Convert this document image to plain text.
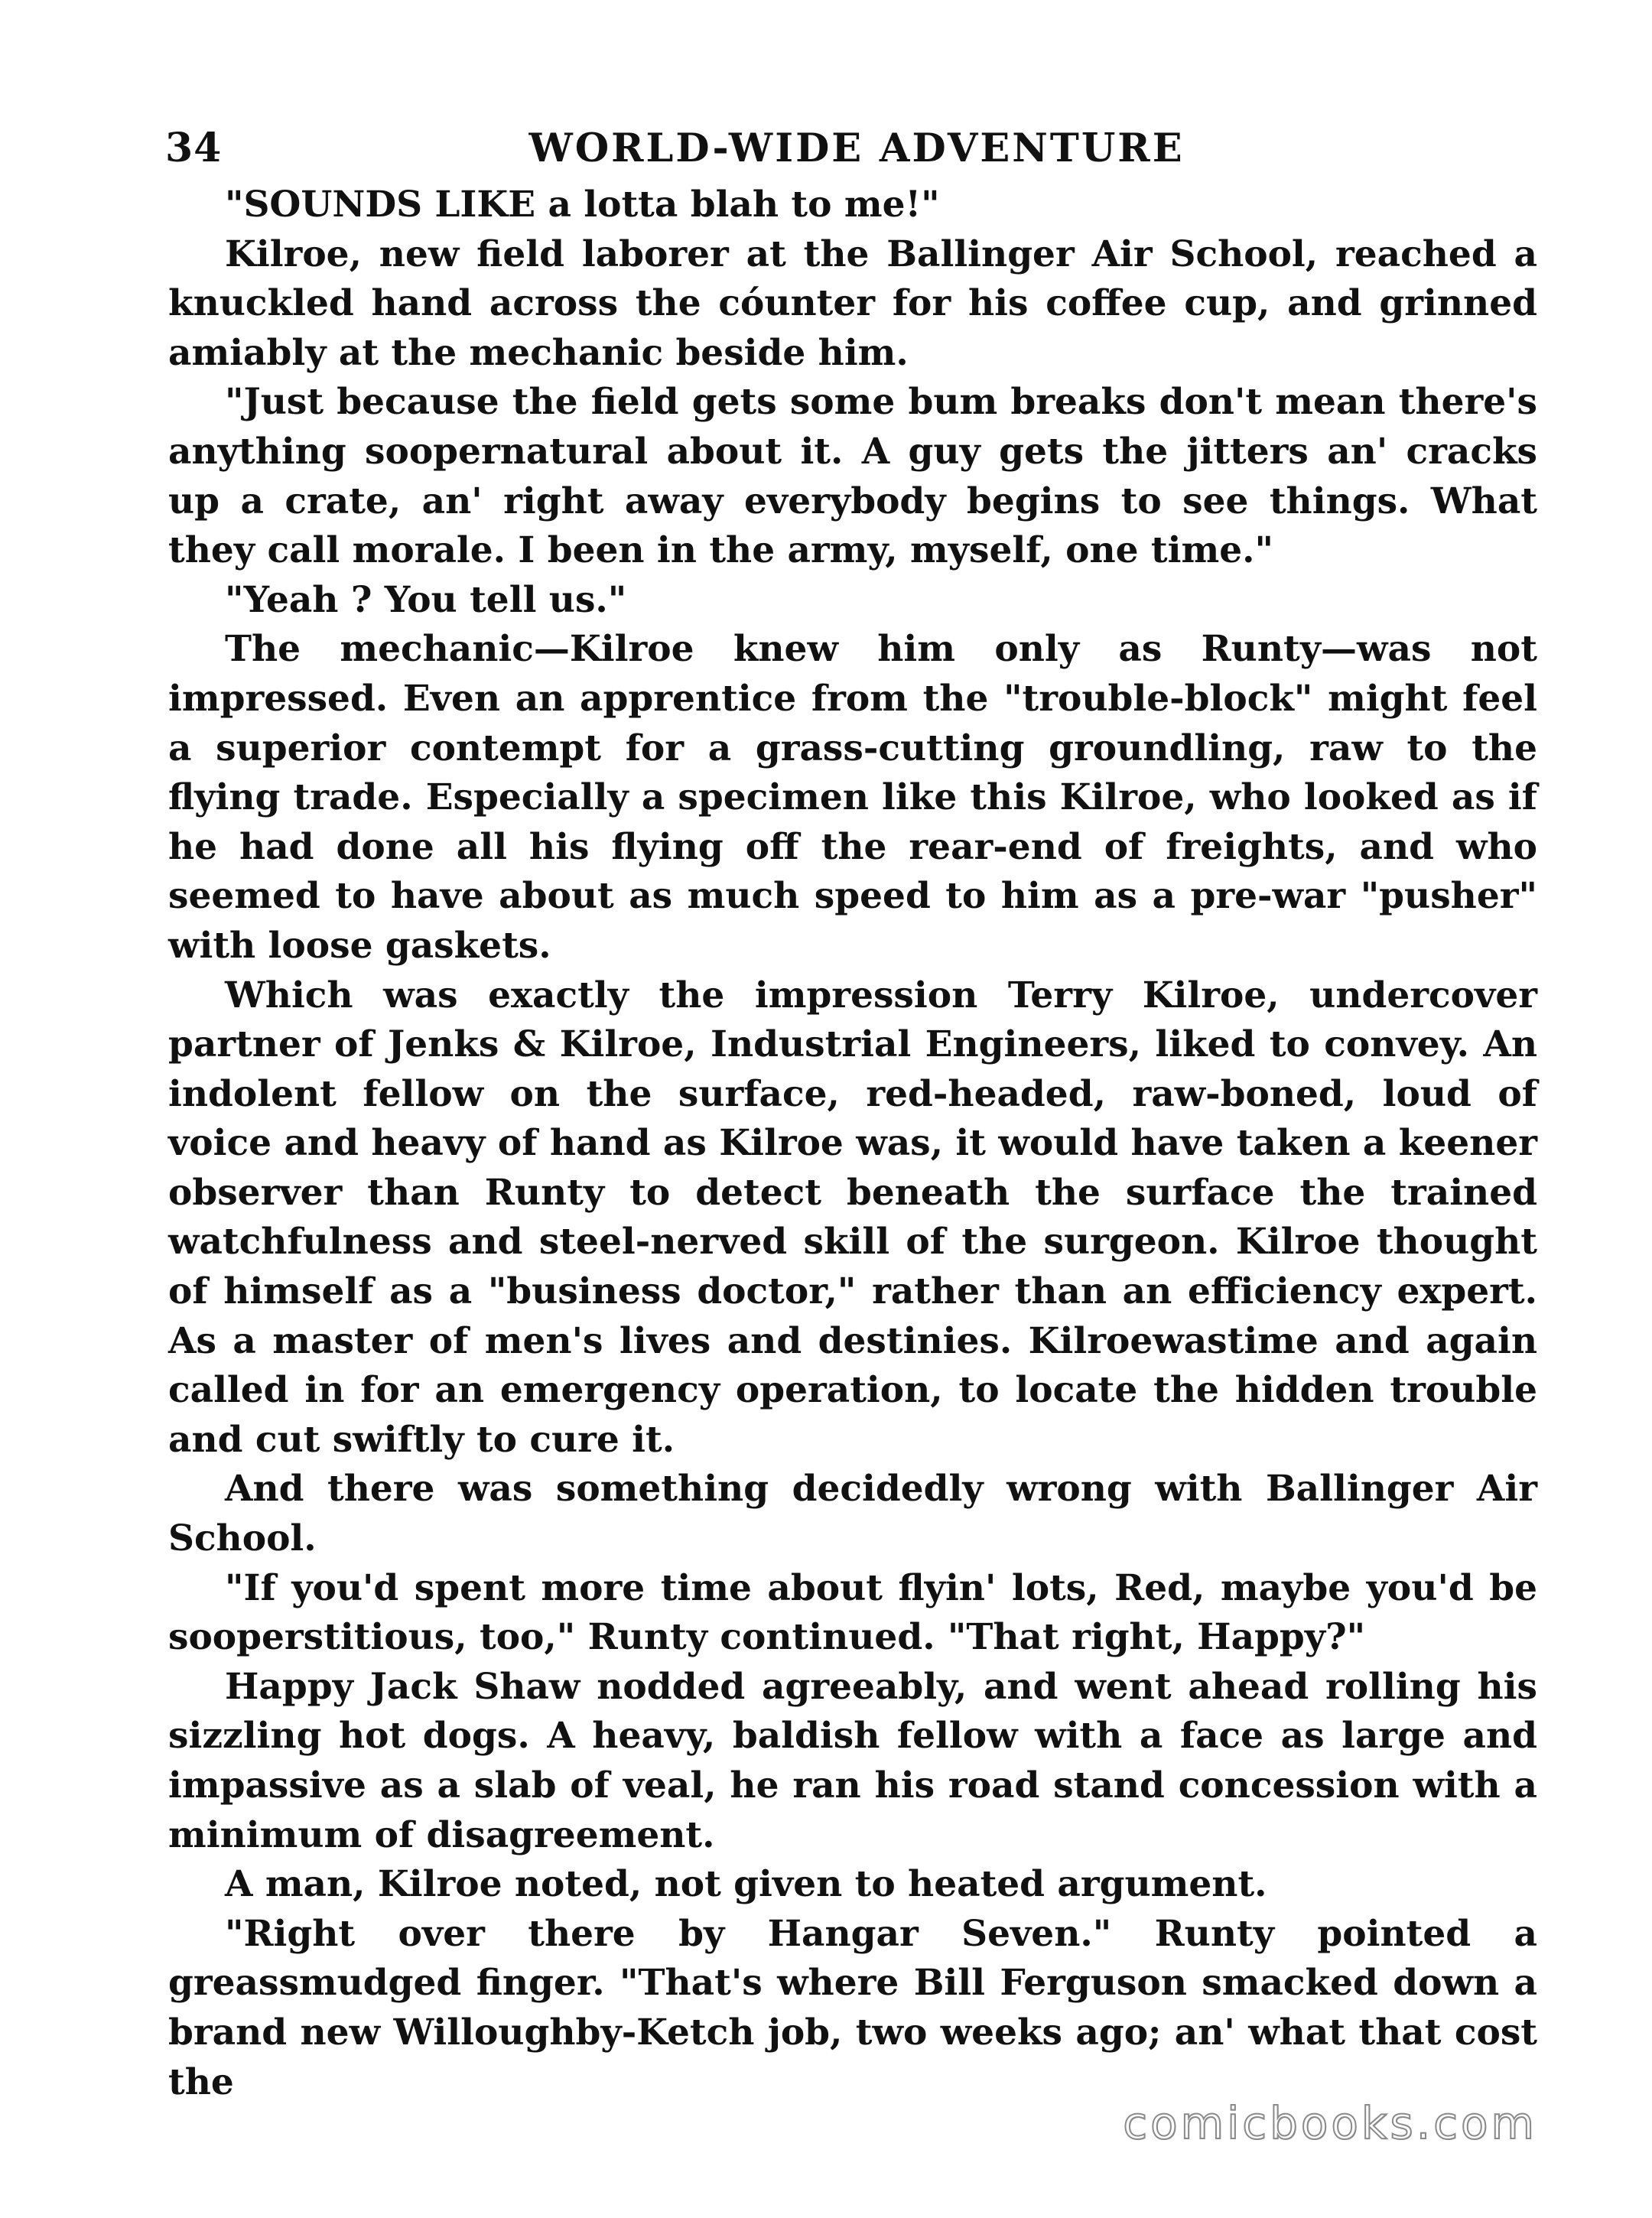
34	WORLD-WIDE ADVENTURE

"SOUNDS LIKE a lotta blah to me!"

Kilroe, new field laborer at the Ballinger Air School, reached a knuckled hand across the cóunter for his coffee cup, and grinned amiably at the mechanic beside him.

"Just because the field gets some bum breaks don't mean there's anything soopernatural about it. A guy gets the jitters an' cracks up a crate, an' right away everybody begins to see things. What they call morale. I been in the army, myself, one time."

"Yeah ? You tell us."

The mechanic—Kilroe knew him only as Runty—was not impressed. Even an apprentice from the "trouble-block" might feel a superior contempt for a grass-cutting groundling, raw to the flying trade. Especially a specimen like this Kilroe, who looked as if he had done all his flying off the rear-end of freights, and who seemed to have about as much speed to him as a pre-war "pusher" with loose gaskets.

Which was exactly the impression Terry Kilroe, undercover partner of Jenks & Kilroe, Industrial Engineers, liked to convey. An indolent fellow on the surface, red-headed, raw-boned, loud of voice and heavy of hand as Kilroe was, it would have taken a keener observer than Runty to detect beneath the surface the trained watchfulness and steel-nerved skill of the surgeon. Kilroe thought of himself as a "business doctor," rather than an efficiency expert. As a master of men's lives and destinies. Kilroewastime and again called in for an emergency operation, to locate the hidden trouble and cut swiftly to cure it.

And there was something decidedly wrong with Ballinger Air School.

"If you'd spent more time about flyin' lots, Red, maybe you'd be sooperstitious, too," Runty continued. "That right, Happy?"

Happy Jack Shaw nodded agreeably, and went ahead rolling his sizzling hot dogs. A heavy, baldish fellow with a face as large and impassive as a slab of veal, he ran his road stand concession with a minimum of disagreement.

A man, Kilroe noted, not given to heated argument.

"Right over there by Hangar Seven." Runty pointed a greassmudged finger. "That's where Bill Ferguson smacked down a brand new Willoughby-Ketch job, two weeks ago; an' what that cost the

comicbooks.com
